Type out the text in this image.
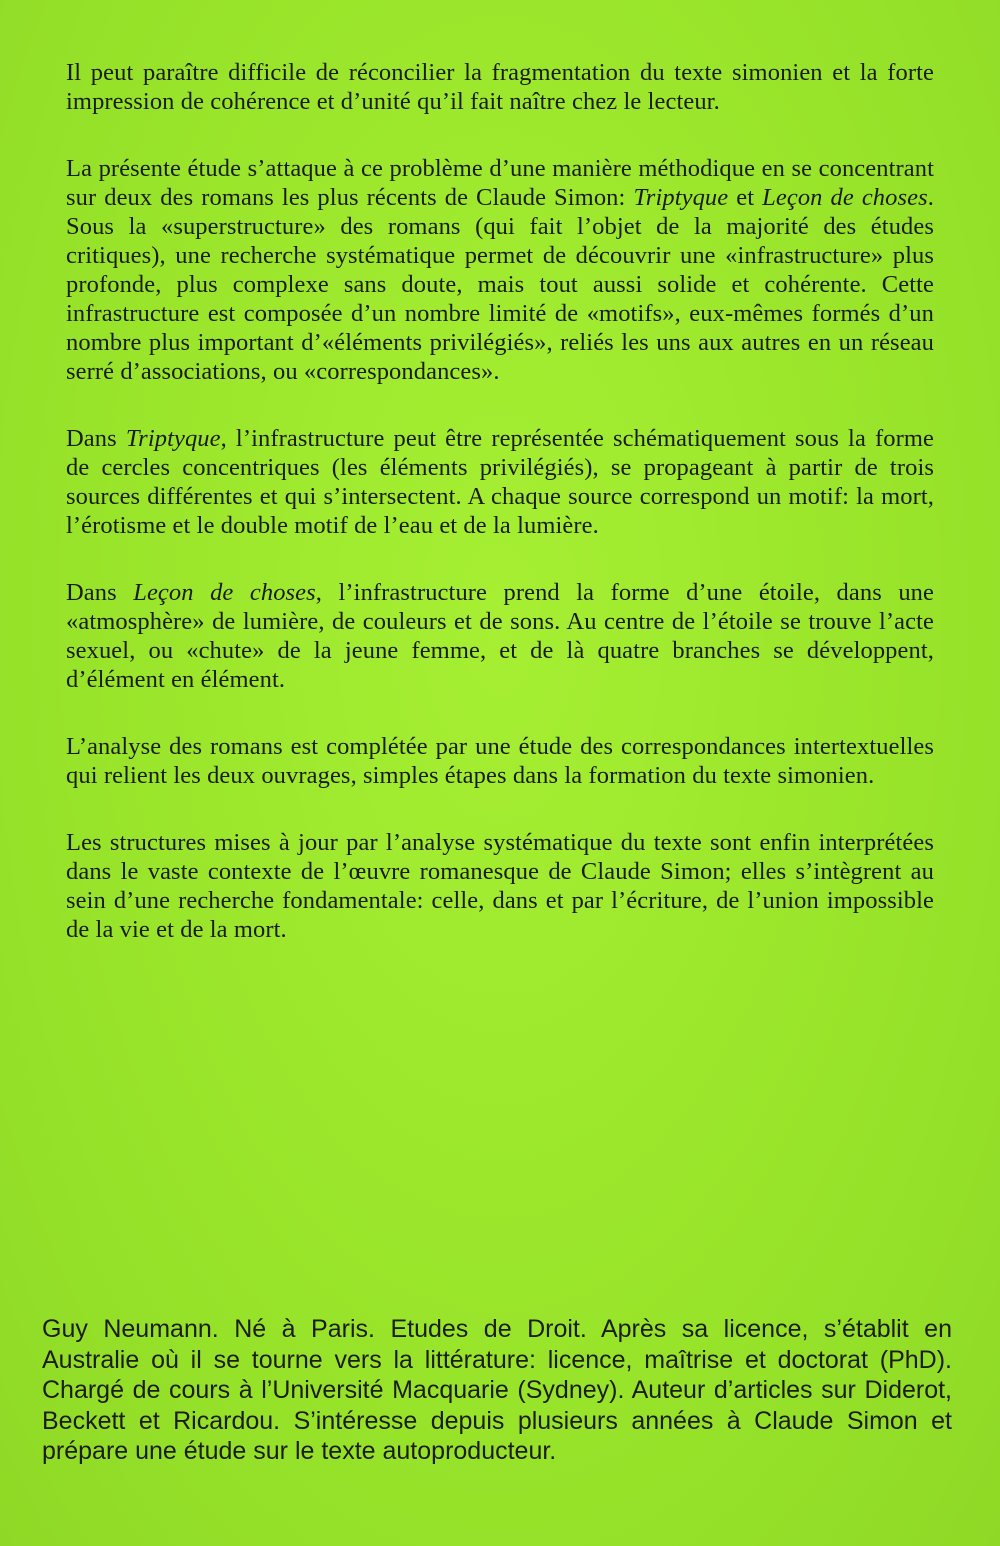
Il peut paraître difficile de réconcilier la fragmentation du texte simonien et la forte impression de cohérence et d’unité qu’il fait naître chez le lecteur.

La présente étude s’attaque à ce problème d’une manière méthodique en se concentrant sur deux des romans les plus récents de Claude Simon: Triptyque et Leçon de choses. Sous la «superstructure» des romans (qui fait l’objet de la majorité des études critiques), une recherche systématique permet de découvrir une «infrastructure» plus profonde, plus complexe sans doute, mais tout aussi solide et cohérente. Cette infrastructure est composée d’un nombre limité de «motifs», eux-mêmes formés d’un nombre plus important d’«éléments privilégiés», reliés les uns aux autres en un réseau serré d’associations, ou «correspondances».

Dans Triptyque, l’infrastructure peut être représentée schématiquement sous la forme de cercles concentriques (les éléments privilégiés), se propageant à partir de trois sources différentes et qui s’intersectent. A chaque source correspond un motif: la mort, l’érotisme et le double motif de l’eau et de la lumière.

Dans Leçon de choses, l’infrastructure prend la forme d’une étoile, dans une «atmosphère» de lumière, de couleurs et de sons. Au centre de l’étoile se trouve l’acte sexuel, ou «chute» de la jeune femme, et de là quatre branches se développent, d’élément en élément.

L’analyse des romans est complétée par une étude des correspondances intertextuelles qui relient les deux ouvrages, simples étapes dans la formation du texte simonien.

Les structures mises à jour par l’analyse systématique du texte sont enfin interprétées dans le vaste contexte de l’œuvre romanesque de Claude Simon; elles s’intègrent au sein d’une recherche fondamentale: celle, dans et par l’écriture, de l’union impossible de la vie et de la mort.

Guy Neumann. Né à Paris. Etudes de Droit. Après sa licence, s’établit en Australie où il se tourne vers la littérature: licence, maîtrise et doctorat (PhD). Chargé de cours à l’Université Macquarie (Sydney). Auteur d’articles sur Diderot, Beckett et Ricardou. S’intéresse depuis plusieurs années à Claude Simon et prépare une étude sur le texte autoproducteur.
